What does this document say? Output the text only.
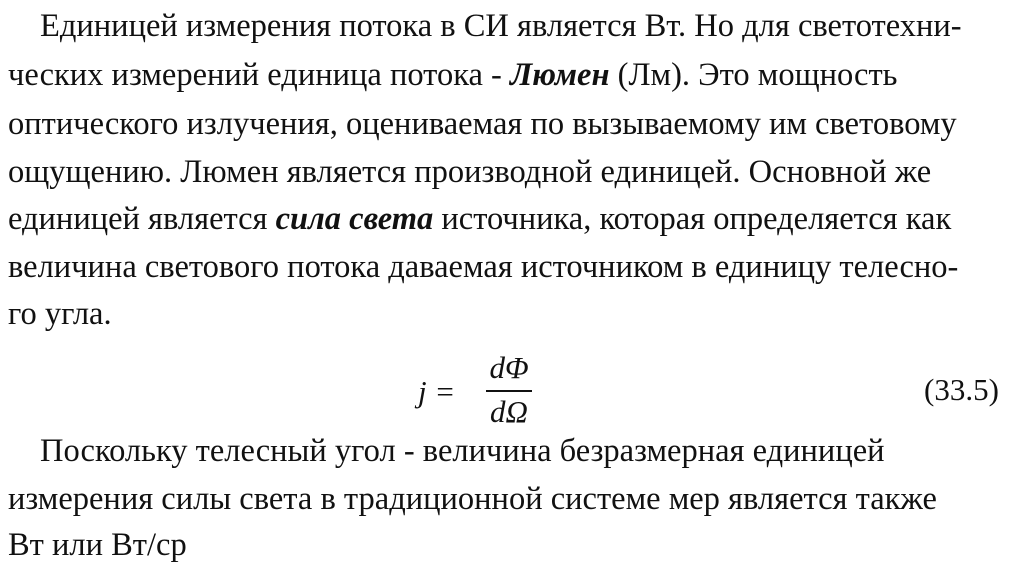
Единицей измерения потока в СИ является Вт. Но для светотехни-
ческих измерений единица потока - Люмен (Лм). Это мощность
оптического излучения, оцениваемая по вызываемому им световому
ощущению. Люмен является производной единицей. Основной же
единицей является сила света источника, которая определяется как
величина светового потока даваемая источником в единицу телесно-
го угла.
j =
dΦ
dΩ
(33.5)
Поскольку телесный угол - величина безразмерная единицей
измерения силы света в традиционной системе мер является также
Вт или Вт/ср
